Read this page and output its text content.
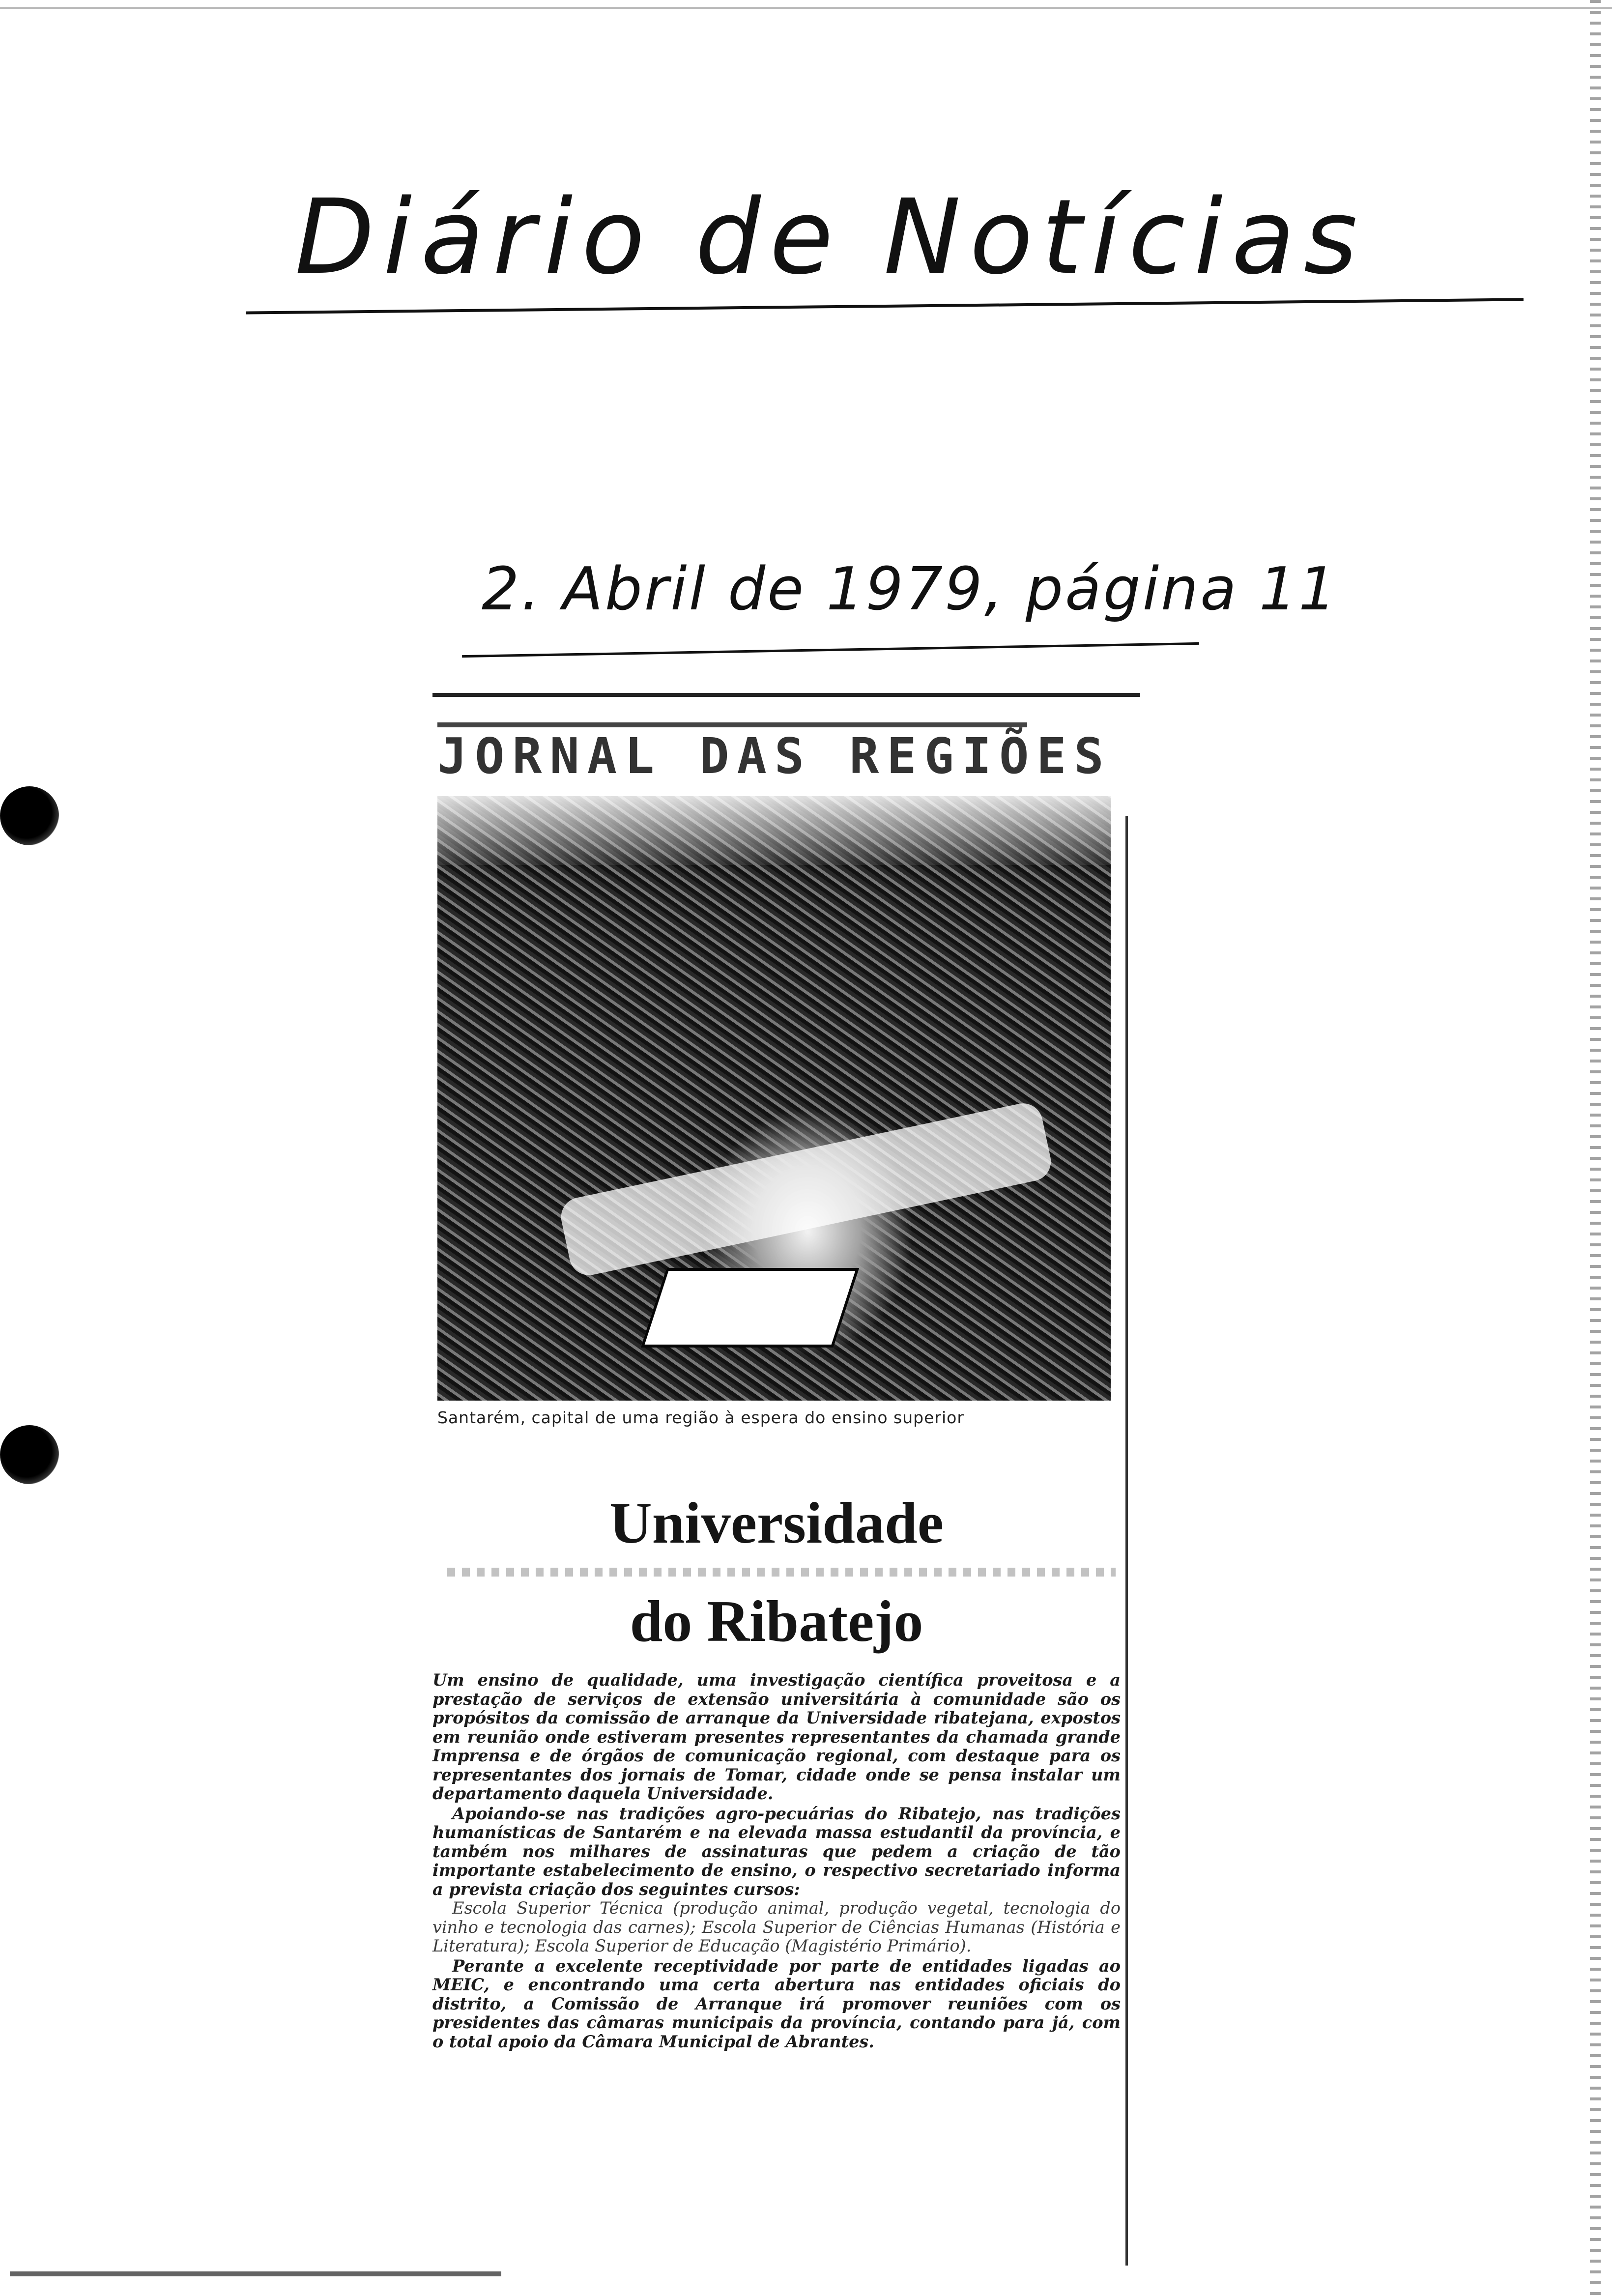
Diário de Notícias
2. Abril de 1979, página 11
JORNAL DAS REGIÕES
Santarém, capital de uma região à espera do ensino superior
Universidade
do Ribatejo

Um ensino de qualidade, uma investigação científica proveitosa e a prestação de serviços de extensão universitária à comunidade são os propósitos da comissão de arranque da Universidade ribatejana, expostos em reunião onde estiveram presentes representantes da chamada grande Imprensa e de órgãos de comunicação regional, com destaque para os representantes dos jornais de Tomar, cidade onde se pensa instalar um departamento daquela Universidade.

Apoiando-se nas tradições agro-pecuárias do Ribatejo, nas tradições humanísticas de Santarém e na elevada massa estudantil da província, e também nos milhares de assinaturas que pedem a criação de tão importante estabelecimento de ensino, o respectivo secretariado informa a prevista criação dos seguintes cursos:

Escola Superior Técnica (produção animal, produção vegetal, tecnologia do vinho e tecnologia das carnes); Escola Superior de Ciências Humanas (História e Literatura); Escola Superior de Educação (Magistério Primário).

Perante a excelente receptividade por parte de entidades ligadas ao MEIC, e encontrando uma certa abertura nas entidades oficiais do distrito, a Comissão de Arranque irá promover reuniões com os presidentes das câmaras municipais da província, contando para já, com o total apoio da Câmara Municipal de Abrantes.
